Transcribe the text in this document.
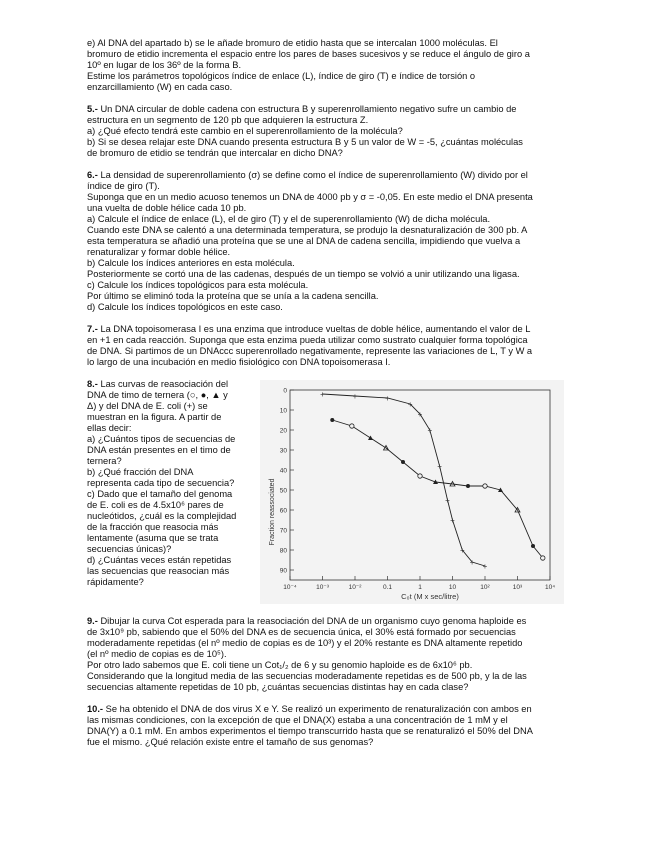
e) Al DNA del apartado b) se le añade bromuro de etidio hasta que se intercalan 1000 moléculas. El

bromuro de etidio incrementa el espacio entre los pares de bases sucesivos y se reduce el ángulo de giro a

10º en lugar de los 36º de la forma B.

Estime los parámetros topológicos índice de enlace (L), índice de giro (T) e índice de torsión o

enzarcillamiento (W) en cada caso.

5.- Un DNA circular de doble cadena con estructura B y superenrollamiento negativo sufre un cambio de

estructura en un segmento de 120 pb que adquieren la estructura Z.

a) ¿Qué efecto tendrá este cambio en el superenrollamiento de la molécula?

b) Si se desea relajar este DNA cuando presenta estructura B y 5 un valor de W = -5, ¿cuántas moléculas

de bromuro de etidio se tendrán que intercalar en dicho DNA?

6.- La densidad de superenrollamiento (σ) se define como el índice de superenrollamiento (W) divido por el

índice de giro (T).

Suponga que en un medio acuoso tenemos un DNA de 4000 pb y σ = -0,05. En este medio el DNA presenta

una vuelta de doble hélice cada 10 pb.

a) Calcule el índice de enlace (L), el de giro (T) y el de superenrollamiento (W) de dicha molécula.

Cuando este DNA se calentó a una determinada temperatura, se produjo la desnaturalización de 300 pb. A

esta temperatura se añadió una proteína que se une al DNA de cadena sencilla, impidiendo que vuelva a

renaturalizar y formar doble hélice.

b) Calcule los índices anteriores en esta molécula.

Posteriormente se cortó una de las cadenas, después de un tiempo se volvió a unir utilizando una ligasa.

c) Calcule los índices topológicos para esta molécula.

Por último se eliminó toda la proteína que se unía a la cadena sencilla.

d) Calcule los índices topológicos en este caso.

7.- La DNA topoisomerasa I es una enzima que introduce vueltas de doble hélice, aumentando el valor de L

en +1 en cada reacción. Suponga que esta enzima pueda utilizar como sustrato cualquier forma topológica

de DNA. Si partimos de un DNAccc superenrollado negativamente, represente las variaciones de L, T y W a

lo largo de una incubación en medio fisiológico con DNA topoisomerasa I.

8.- Las curvas de reasociación del

DNA de timo de ternera (○, ●, ▲ y

Δ) y del DNA de E. coli (+) se

muestran en la figura. A partir de

ellas decir:

a) ¿Cuántos tipos de secuencias de

DNA están presentes en el timo de

ternera?

b) ¿Qué fracción del DNA

representa cada tipo de secuencia?

c) Dado que el tamaño del genoma

de E. coli es de 4.5x10⁶ pares de

nucleótidos, ¿cuál es la complejidad

de la fracción que reasocia más

lentamente (asuma que se trata

secuencias únicas)?

d) ¿Cuántas veces están repetidas

las secuencias que reasocian más

rápidamente?

10⁻⁴	10⁻³	10⁻²	0.1	1	10	10²	10³	10⁴
0
10
20
30
40
50
60
70
80
90
+	+	+
+
+
+
+
+
+
+
+ +
Fraction reassociated
C₀t (M x sec/litre)

9.- Dibujar la curva Cot esperada para la reasociación del DNA de un organismo cuyo genoma haploide es

de 3x10⁹ pb, sabiendo que el 50% del DNA es de secuencia única, el 30% está formado por secuencias

moderadamente repetidas (el nº medio de copias es de 10³) y el 20% restante es DNA altamente repetido

(el nº medio de copias es de 10⁵).

Por otro lado sabemos que E. coli tiene un Cot₁/₂ de 6 y su genomio haploide es de 6x10⁶ pb.

Considerando que la longitud media de las secuencias moderadamente repetidas es de 500 pb, y la de las

secuencias altamente repetidas de 10 pb, ¿cuántas secuencias distintas hay en cada clase?

10.- Se ha obtenido el DNA de dos virus X e Y. Se realizó un experimento de renaturalización con ambos en

las mismas condiciones, con la excepción de que el DNA(X) estaba a una concentración de 1 mM y el

DNA(Y) a 0.1 mM. En ambos experimentos el tiempo transcurrido hasta que se renaturalizó el 50% del DNA

fue el mismo. ¿Qué relación existe entre el tamaño de sus genomas?
